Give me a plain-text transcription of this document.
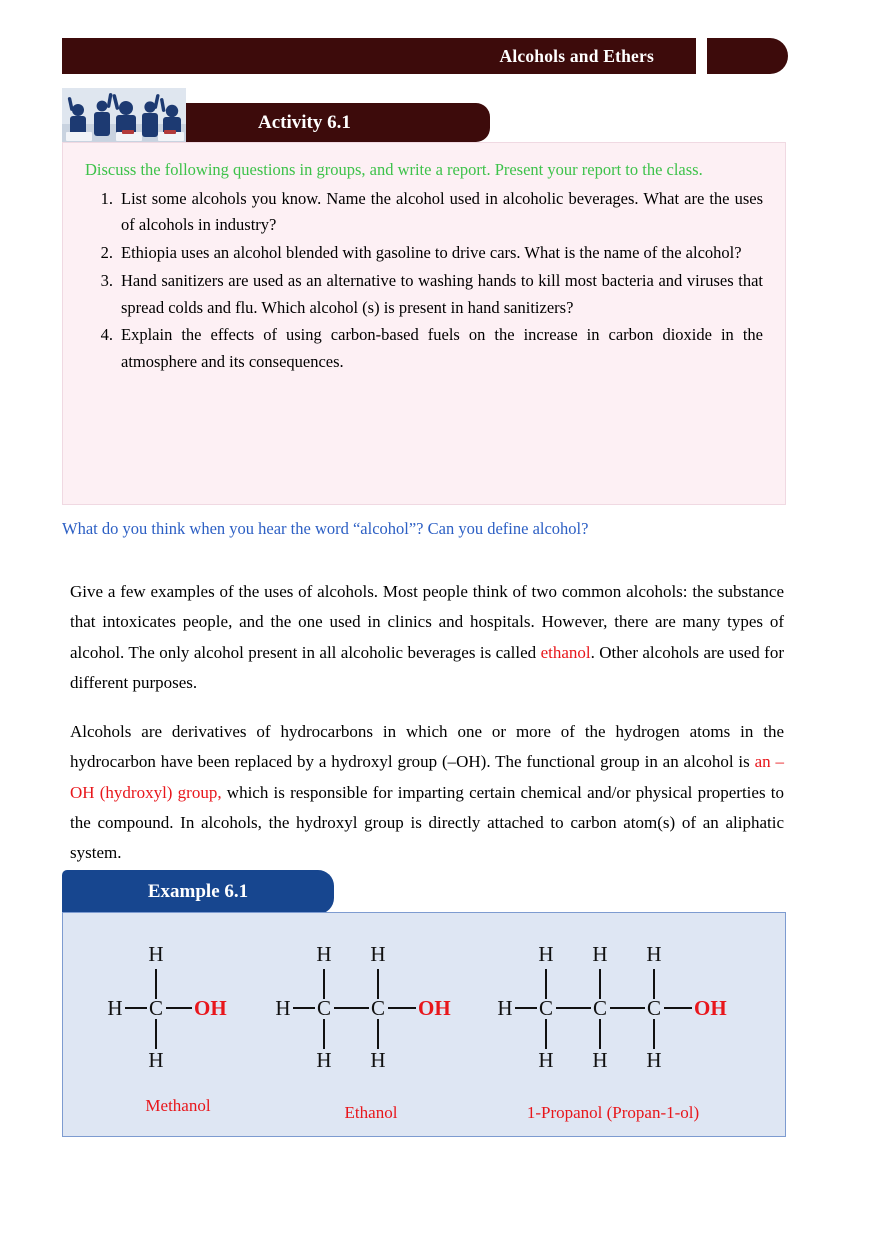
Alcohols and Ethers
Activity 6.1

Discuss the following questions in groups, and write a report. Present your report to the class.

List some alcohols you know. Name the alcohol used in alcoholic beverages. What are the uses of alcohols in industry?
Ethiopia uses an alcohol blended with gasoline to drive cars. What is the name of the alcohol?
Hand sanitizers are used as an alternative to washing hands to kill most bacteria and viruses that spread colds and flu. Which alcohol (s) is present in hand sanitizers?
Explain the effects of using carbon-based fuels on the increase in carbon dioxide in the atmosphere and its consequences.
What do you think when you hear the word “alcohol”? Can you define alcohol?

Give a few examples of the uses of alcohols. Most people think of two common alcohols: the substance that intoxicates people, and the one used in clinics and hospitals. However, there are many types of alcohol. The only alcohol present in all alcoholic beverages is called ethanol. Other alcohols are used for different purposes.

Alcohols are derivatives of hydrocarbons in which one or more of the hydrogen atoms in the hydrocarbon have been replaced by a hydroxyl group (–OH). The functional group in an alcohol is an –OH (hydroxyl) group, which is responsible for imparting certain chemical and/or physical properties to the compound. In alcohols, the hydroxyl group is directly attached to carbon atom(s) of an aliphatic system.

Example 6.1
H
H C OH
H
H H
H C C OH
H H
H H H
H C C C OH
H H H
Methanol	Ethanol	1-Propanol (Propan-1-ol)
